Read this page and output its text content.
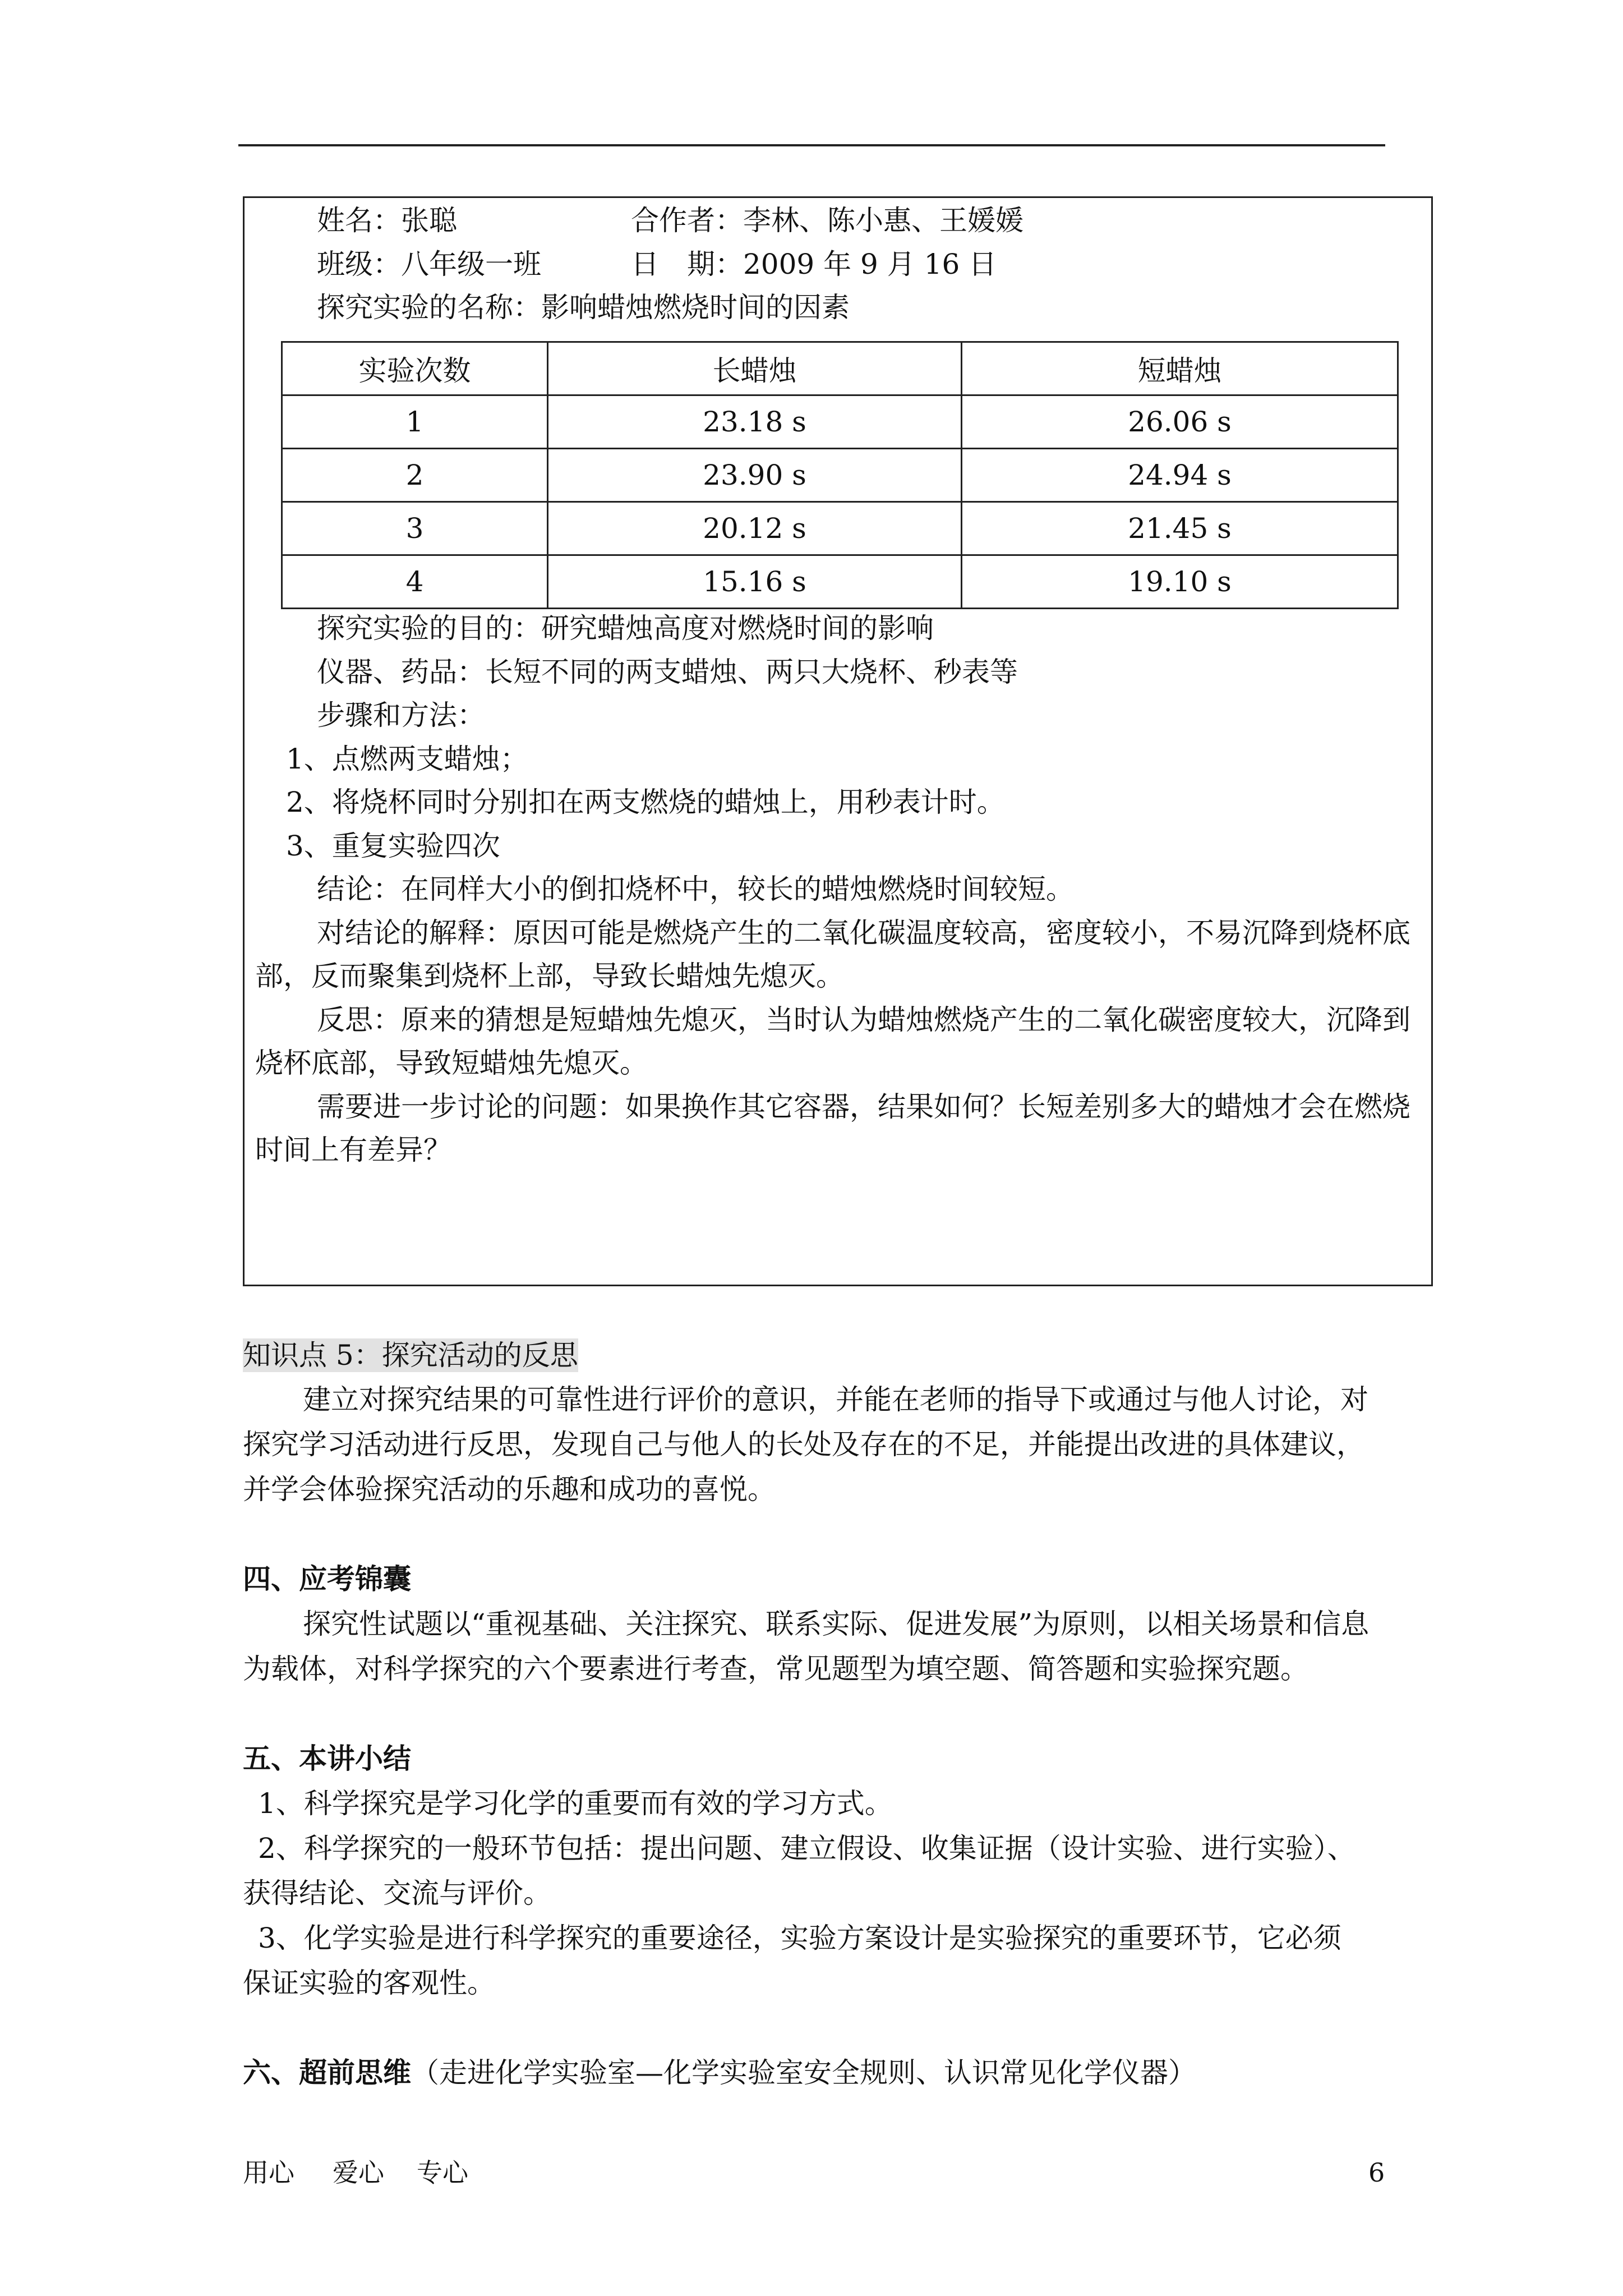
姓名：张聪	合作者：李林、陈小惠、王媛媛
班级：八年级一班	日　期：2009 年 9 月 16 日
探究实验的名称：影响蜡烛燃烧时间的因素
实验次数	长蜡烛	短蜡烛
1	23.18 s	26.06 s
2	23.90 s	24.94 s
3	20.12 s	21.45 s
4	15.16 s	19.10 s
探究实验的目的：研究蜡烛高度对燃烧时间的影响
仪器、药品：长短不同的两支蜡烛、两只大烧杯、秒表等
步骤和方法：
1、点燃两支蜡烛；
2、将烧杯同时分别扣在两支燃烧的蜡烛上，用秒表计时。
3、重复实验四次
结论：在同样大小的倒扣烧杯中，较长的蜡烛燃烧时间较短。
对结论的解释：原因可能是燃烧产生的二氧化碳温度较高，密度较小，不易沉降到烧杯底
部，反而聚集到烧杯上部，导致长蜡烛先熄灭。
反思：原来的猜想是短蜡烛先熄灭，当时认为蜡烛燃烧产生的二氧化碳密度较大，沉降到
烧杯底部，导致短蜡烛先熄灭。
需要进一步讨论的问题：如果换作其它容器，结果如何？长短差别多大的蜡烛才会在燃烧
时间上有差异？
知识点 5：探究活动的反思
建立对探究结果的可靠性进行评价的意识，并能在老师的指导下或通过与他人讨论，对
探究学习活动进行反思，发现自己与他人的长处及存在的不足，并能提出改进的具体建议，
并学会体验探究活动的乐趣和成功的喜悦。
四、应考锦囊
探究性试题以“重视基础、关注探究、联系实际、促进发展”为原则，以相关场景和信息
为载体，对科学探究的六个要素进行考查，常见题型为填空题、简答题和实验探究题。
五、本讲小结
1、科学探究是学习化学的重要而有效的学习方式。
2、科学探究的一般环节包括：提出问题、建立假设、收集证据（设计实验、进行实验）、
获得结论、交流与评价。
3、化学实验是进行科学探究的重要途径，实验方案设计是实验探究的重要环节，它必须
保证实验的客观性。
六、超前思维（走进化学实验室—化学实验室安全规则、认识常见化学仪器）
用心 爱心 专心	6
